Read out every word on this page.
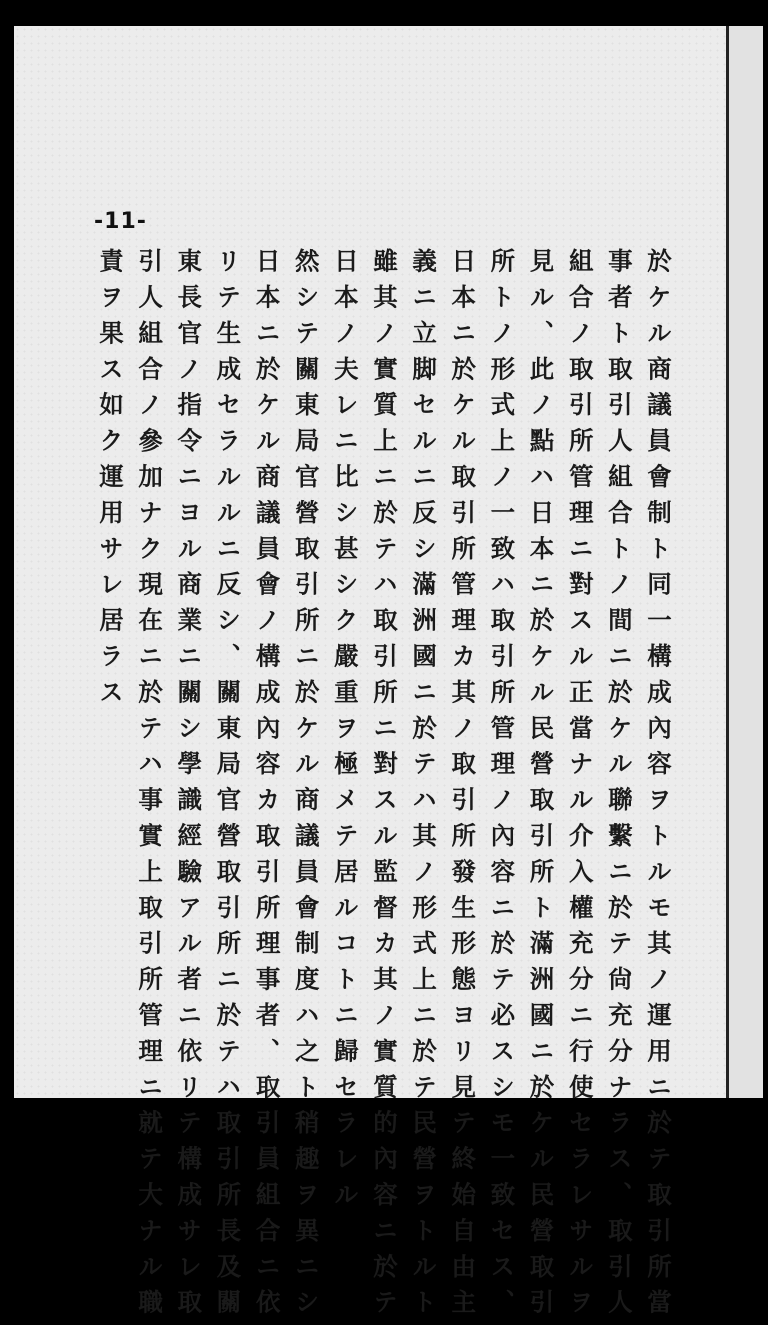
-11-
於ケル商議員會制ト同一構成內容ヲトルモ其ノ運用ニ於テ取引所當
事者ト取引人組合トノ間ニ於ケル聯繫ニ於テ尙充分ナラス、取引人
組合ノ取引所管理ニ對スル正當ナル介入權充分ニ行使セラレサルヲ
見ル、此ノ點ハ日本ニ於ケル民營取引所ト滿洲國ニ於ケル民營取引
所トノ形式上ノ一致ハ取引所管理ノ內容ニ於テ必スシモ一致セス、
日本ニ於ケル取引所管理カ其ノ取引所發生形態ヨリ見テ終始自由主
義ニ立脚セルニ反シ滿洲國ニ於テハ其ノ形式上ニ於テ民營ヲトルト
雖其ノ實質上ニ於テハ取引所ニ對スル監督カ其ノ實質的內容ニ於テ
日本ノ夫レニ比シ甚シク嚴重ヲ極メテ居ルコトニ歸セラレル
然シテ關東局官營取引所ニ於ケル商議員會制度ハ之ト稍趣ヲ異ニシ
日本ニ於ケル商議員會ノ構成內容カ取引所理事者、取引員組合ニ依
リテ生成セラルルニ反シ、關東局官營取引所ニ於テハ取引所長及關
東長官ノ指令ニヨル商業ニ關シ學識經驗アル者ニ依リテ構成サレ取
引人組合ノ參加ナク現在ニ於テハ事實上取引所管理ニ就テ大ナル職
責ヲ果ス如ク運用サレ居ラス
